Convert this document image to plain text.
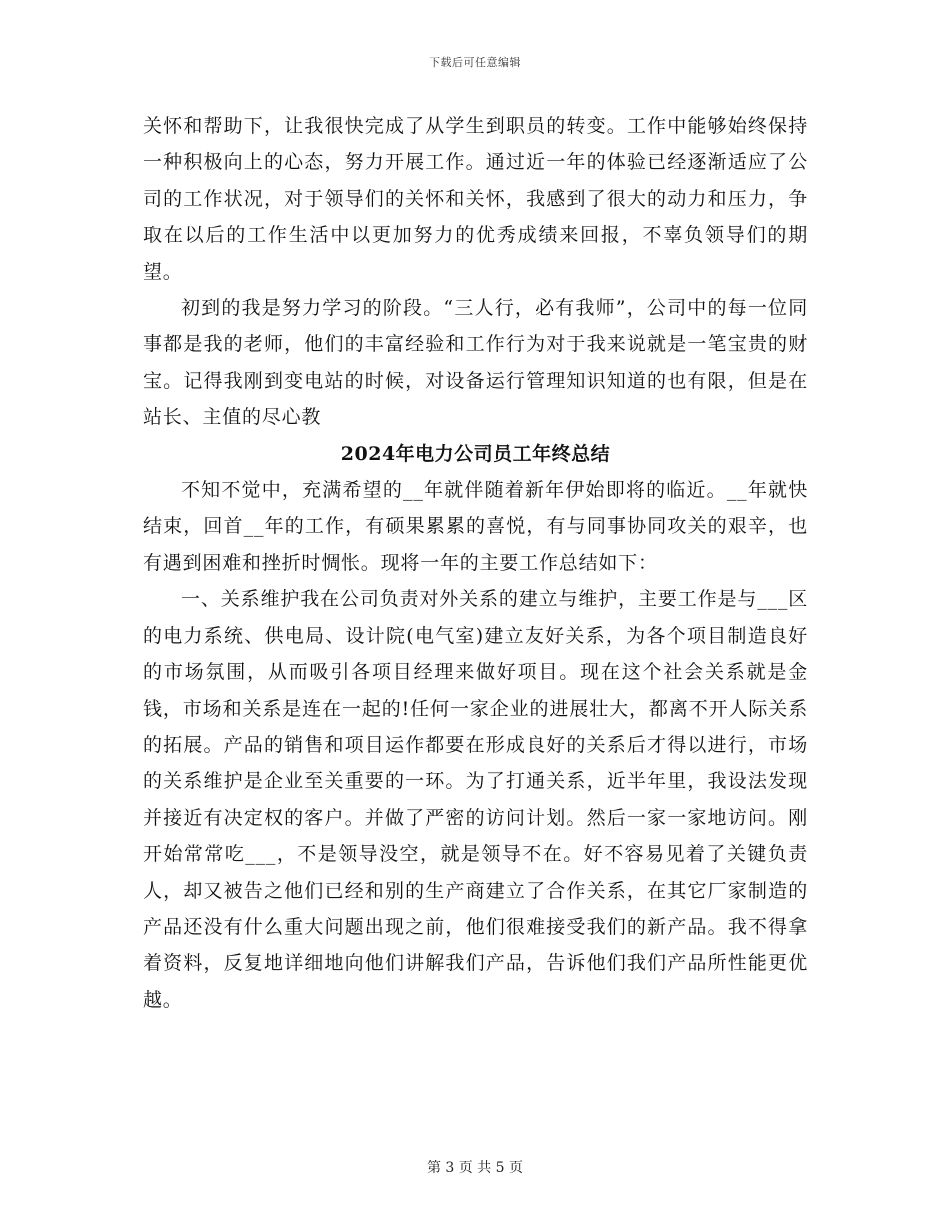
下载后可任意编辑

关怀和帮助下，让我很快完成了从学生到职员的转变。工作中能够始终保持一种积极向上的心态，努力开展工作。通过近一年的体验已经逐渐适应了公司的工作状况，对于领导们的关怀和关怀，我感到了很大的动力和压力，争取在以后的工作生活中以更加努力的优秀成绩来回报，不辜负领导们的期望。

初到的我是努力学习的阶段。“三人行，必有我师”，公司中的每一位同事都是我的老师，他们的丰富经验和工作行为对于我来说就是一笔宝贵的财宝。记得我刚到变电站的时候，对设备运行管理知识知道的也有限，但是在站长、主值的尽心教

2024年电力公司员工年终总结

不知不觉中，充满希望的__年就伴随着新年伊始即将的临近。__年就快结束，回首__年的工作，有硕果累累的喜悦，有与同事协同攻关的艰辛，也有遇到困难和挫折时惆怅。现将一年的主要工作总结如下：

一、关系维护我在公司负责对外关系的建立与维护，主要工作是与___区的电力系统、供电局、设计院(电气室)建立友好关系，为各个项目制造良好的市场氛围，从而吸引各项目经理来做好项目。现在这个社会关系就是金钱，市场和关系是连在一起的!任何一家企业的进展壮大，都离不开人际关系的拓展。产品的销售和项目运作都要在形成良好的关系后才得以进行，市场的关系维护是企业至关重要的一环。为了打通关系，近半年里，我设法发现并接近有决定权的客户。并做了严密的访问计划。然后一家一家地访问。刚开始常常吃___，不是领导没空，就是领导不在。好不容易见着了关键负责人，却又被告之他们已经和别的生产商建立了合作关系，在其它厂家制造的产品还没有什么重大问题出现之前，他们很难接受我们的新产品。我不得拿着资料，反复地详细地向他们讲解我们产品，告诉他们我们产品所性能更优越。

第 3 页 共 5 页
